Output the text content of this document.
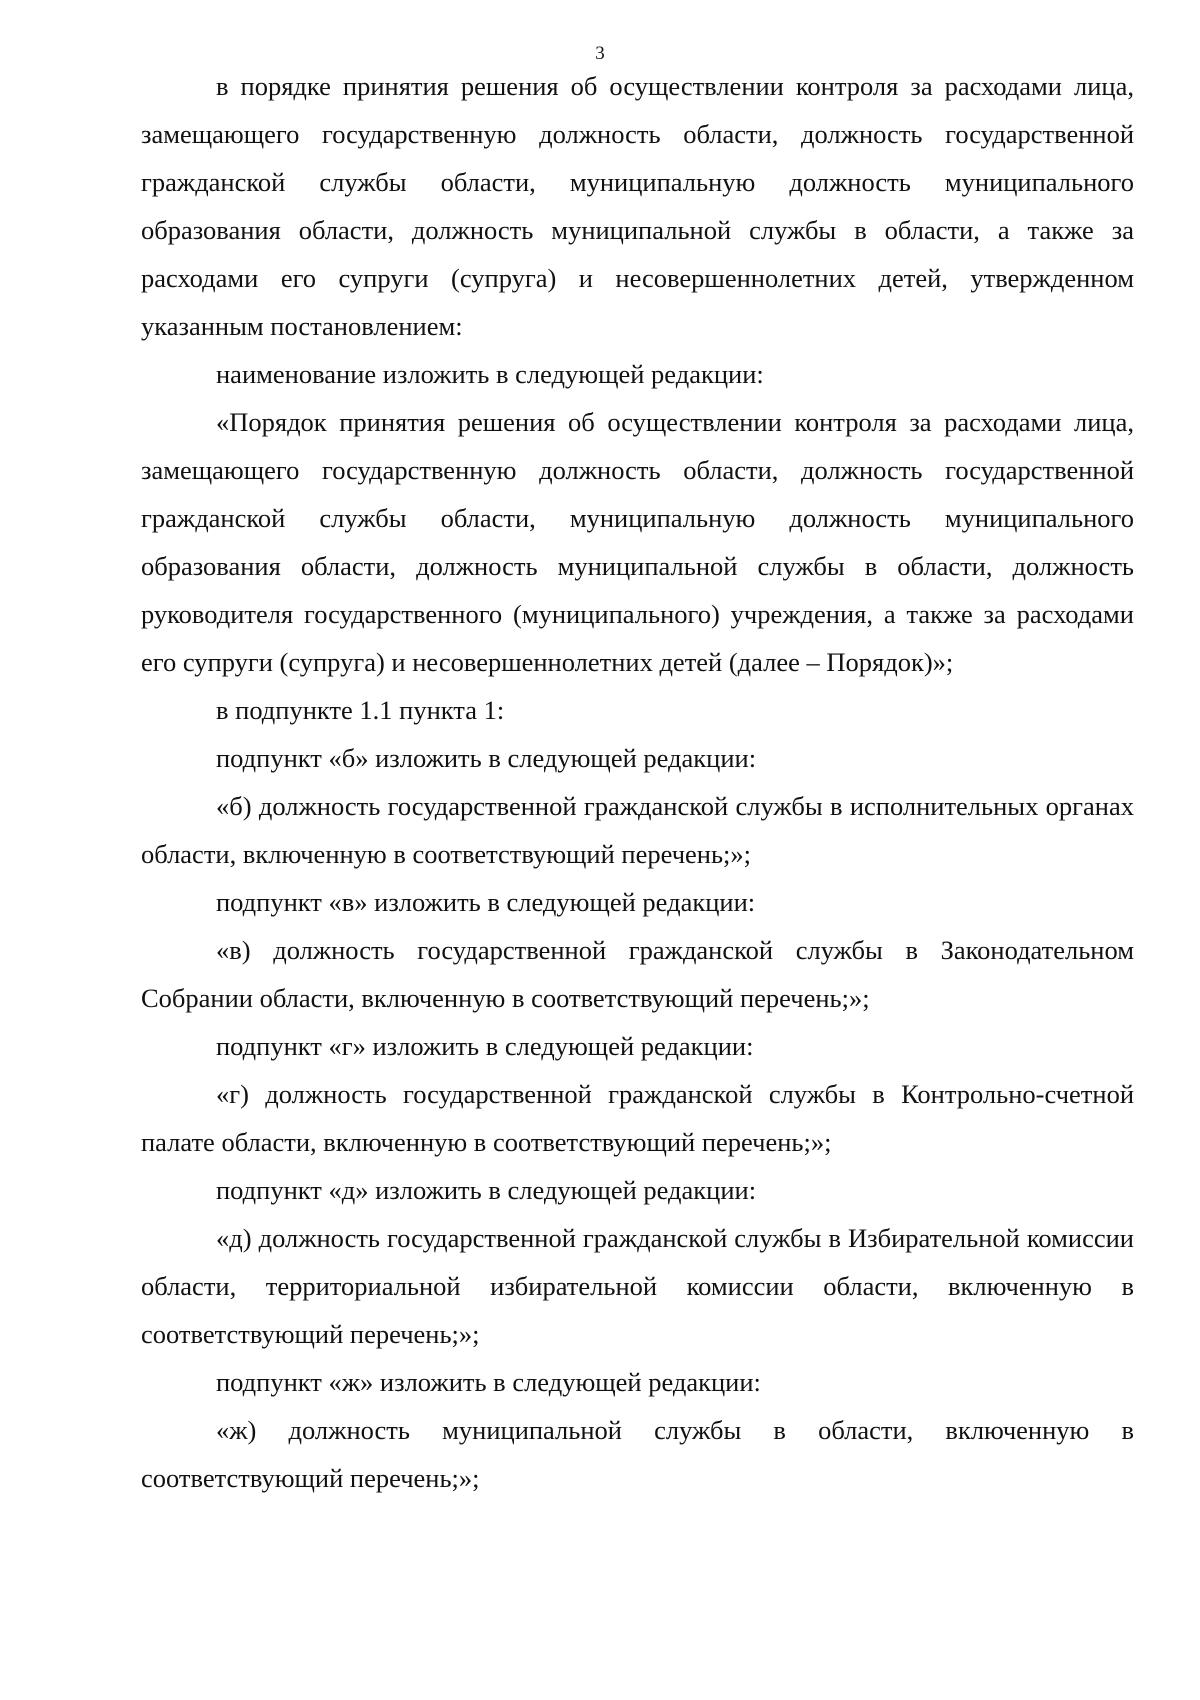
3

в порядке принятия решения об осуществлении контроля за расходами лица, замещающего государственную должность области, должность государственной гражданской службы области, муниципальную должность муниципального образования области, должность муниципальной службы в области, а также за расходами его супруги (супруга) и несовершеннолетних детей, утвержденном указанным постановлением:

наименование изложить в следующей редакции:

«Порядок принятия решения об осуществлении контроля за расходами лица, замещающего государственную должность области, должность государственной гражданской службы области, муниципальную должность муниципального образования области, должность муниципальной службы в области, должность руководителя государственного (муниципального) учреждения, а также за расходами его супруги (супруга) и несовершеннолетних детей (далее – Порядок)»;

в подпункте 1.1 пункта 1:

подпункт «б» изложить в следующей редакции:

«б) должность государственной гражданской службы в исполнительных органах области, включенную в соответствующий перечень;»;

подпункт «в» изложить в следующей редакции:

«в) должность государственной гражданской службы в Законодательном Собрании области, включенную в соответствующий перечень;»;

подпункт «г» изложить в следующей редакции:

«г) должность государственной гражданской службы в Контрольно-счетной палате области, включенную в соответствующий перечень;»;

подпункт «д» изложить в следующей редакции:

«д) должность государственной гражданской службы в Избирательной комиссии области, территориальной избирательной комиссии области, включенную в соответствующий перечень;»;

подпункт «ж» изложить в следующей редакции:

«ж) должность муниципальной службы в области, включенную в соответствующий перечень;»;
